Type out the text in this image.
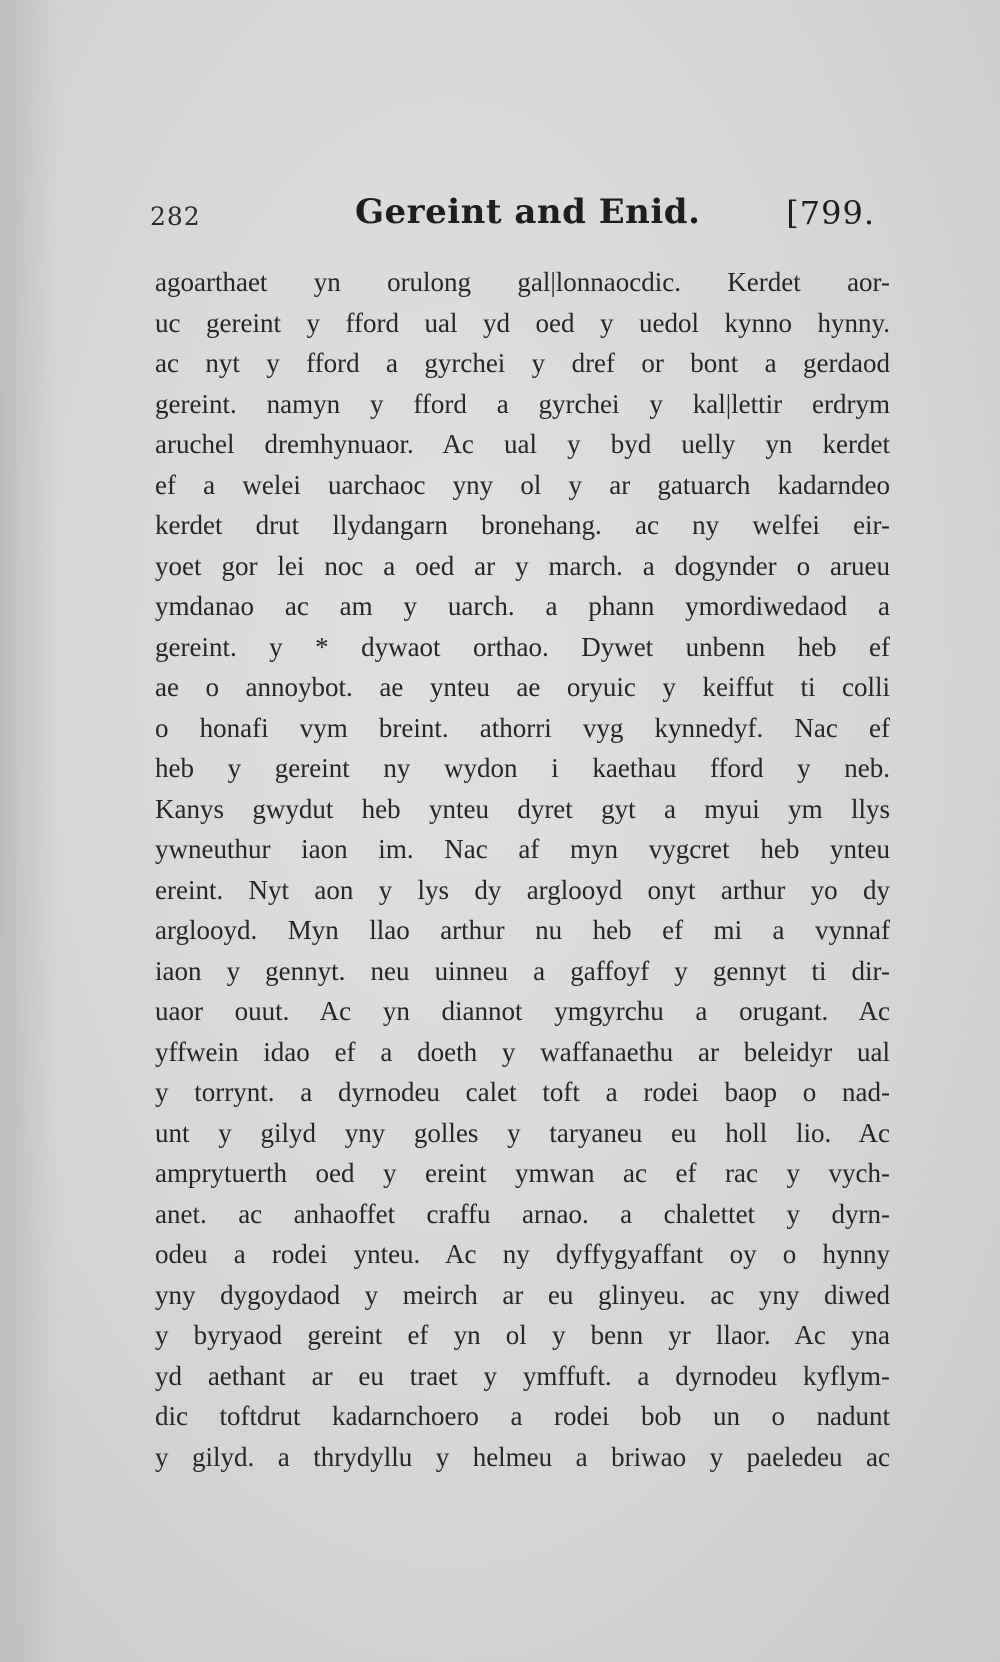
282	Gereint and Enid.	[799.
agoarthaet yn orulong gal|lonnaocdic. Kerdet aor-
uc gereint y fford ual yd oed y uedol kynno hynny.
ac nyt y fford a gyrchei y dref or bont a gerdaod
gereint. namyn y fford a gyrchei y kal|lettir erdrym
aruchel dremhynuaor. Ac ual y byd uelly yn kerdet
ef a welei uarchaoc yny ol y ar gatuarch kadarndeo
kerdet drut llydangarn bronehang. ac ny welfei eir-
yoet gor lei noc a oed ar y march. a dogynder o arueu
ymdanao ac am y uarch. a phann ymordiwedaod a
gereint. y * dywaot orthao. Dywet unbenn heb ef
ae o annoybot. ae ynteu ae oryuic y keiffut ti colli
o honafi vym breint. athorri vyg kynnedyf. Nac ef
heb y gereint ny wydon i kaethau fford y neb.
Kanys gwydut heb ynteu dyret gyt a myui ym llys
ywneuthur iaon im. Nac af myn vygcret heb ynteu
ereint. Nyt aon y lys dy arglooyd onyt arthur yo dy
arglooyd. Myn llao arthur nu heb ef mi a vynnaf
iaon y gennyt. neu uinneu a gaffoyf y gennyt ti dir-
uaor ouut. Ac yn diannot ymgyrchu a orugant. Ac
yffwein idao ef a doeth y waffanaethu ar beleidyr ual
y torrynt. a dyrnodeu calet toft a rodei baop o nad-
unt y gilyd yny golles y taryaneu eu holl lio. Ac
amprytuerth oed y ereint ymwan ac ef rac y vych-
anet. ac anhaoffet craffu arnao. a chalettet y dyrn-
odeu a rodei ynteu. Ac ny dyffygyaffant oy o hynny
yny dygoydaod y meirch ar eu glinyeu. ac yny diwed
y byryaod gereint ef yn ol y benn yr llaor. Ac yna
yd aethant ar eu traet y ymffuft. a dyrnodeu kyflym-
dic toftdrut kadarnchoero a rodei bob un o nadunt
y gilyd. a thrydyllu y helmeu a briwao y paeledeu ac
